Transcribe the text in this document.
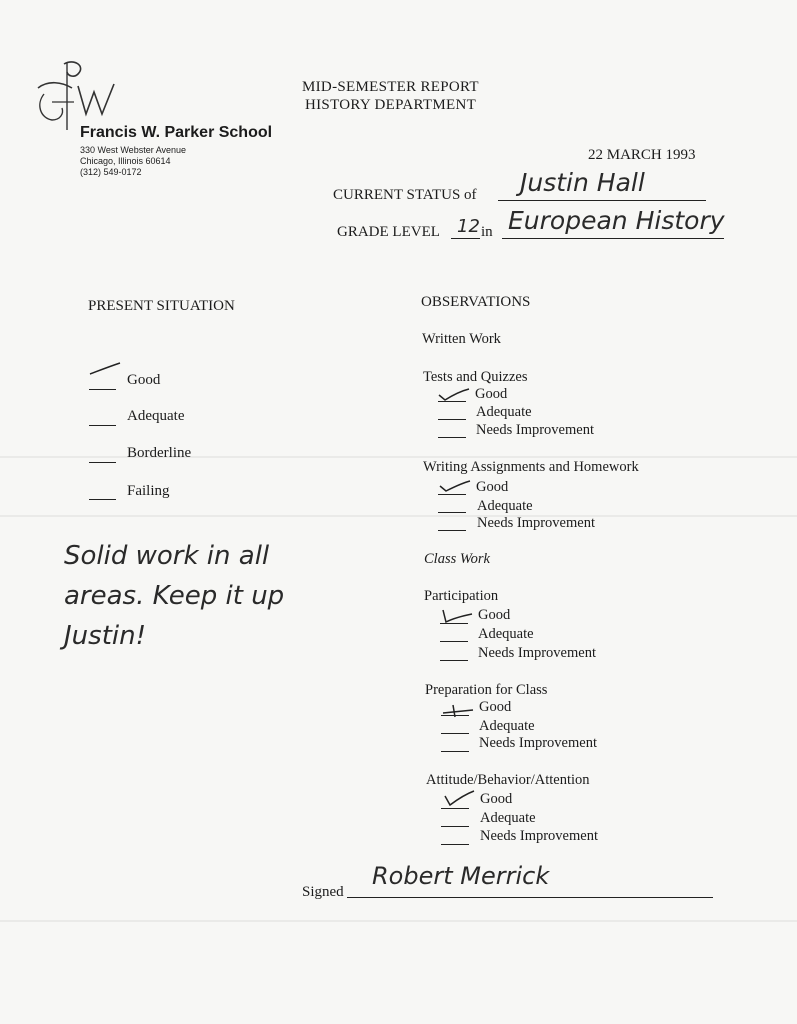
Francis W. Parker School
330 West Webster Avenue
Chicago, Illinois 60614
(312) 549-0172
MID-SEMESTER REPORT
HISTORY DEPARTMENT
22 MARCH 1993
CURRENT STATUS of Justin Hall
GRADE LEVEL 12 in European History
PRESENT SITUATION
Good
Adequate
Borderline
Failing
Solid work in all areas. Keep it up Justin!
OBSERVATIONS
Written Work
Tests and Quizzes
Good
Adequate
Needs Improvement
Writing Assignments and Homework
Good
Adequate
Needs Improvement
Class Work
Participation
Good
Adequate
Needs Improvement
Preparation for Class
Good
Adequate
Needs Improvement
Attitude/Behavior/Attention
Good
Adequate
Needs Improvement
Signed
Robert Merrick
